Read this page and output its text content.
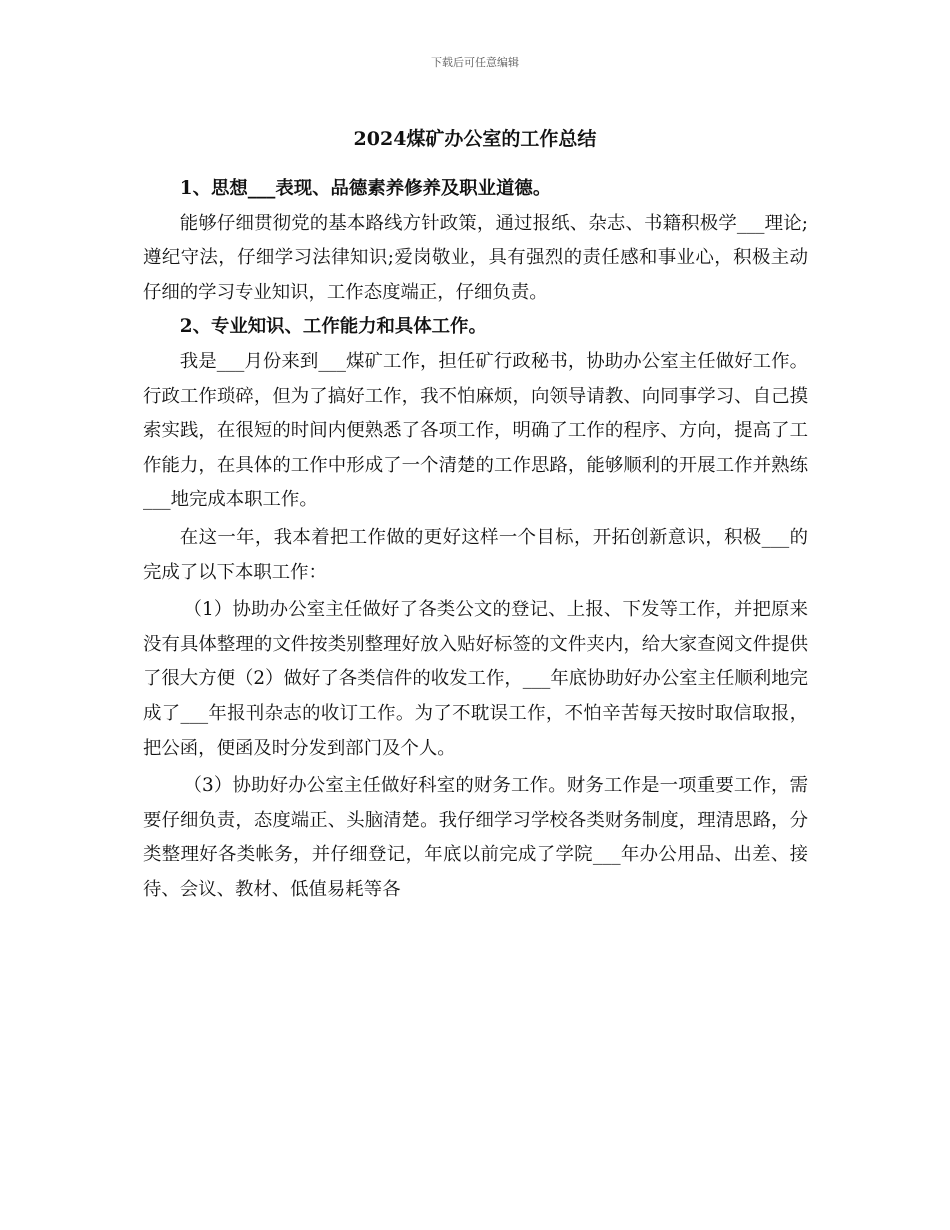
下载后可任意编辑
2024煤矿办公室的工作总结

1、思想___表现、品德素养修养及职业道德。

能够仔细贯彻党的基本路线方针政策，通过报纸、杂志、书籍积极学___理论;遵纪守法，仔细学习法律知识;爱岗敬业，具有强烈的责任感和事业心，积极主动仔细的学习专业知识，工作态度端正，仔细负责。

2、专业知识、工作能力和具体工作。

我是___月份来到___煤矿工作，担任矿行政秘书，协助办公室主任做好工作。行政工作琐碎，但为了搞好工作，我不怕麻烦，向领导请教、向同事学习、自己摸索实践，在很短的时间内便熟悉了各项工作，明确了工作的程序、方向，提高了工作能力，在具体的工作中形成了一个清楚的工作思路，能够顺利的开展工作并熟练___地完成本职工作。

在这一年，我本着把工作做的更好这样一个目标，开拓创新意识，积极___的完成了以下本职工作：

（1）协助办公室主任做好了各类公文的登记、上报、下发等工作，并把原来没有具体整理的文件按类别整理好放入贴好标签的文件夹内，给大家查阅文件提供了很大方便（2）做好了各类信件的收发工作，___年底协助好办公室主任顺利地完成了___年报刊杂志的收订工作。为了不耽误工作，不怕辛苦每天按时取信取报，把公函，便函及时分发到部门及个人。

（3）协助好办公室主任做好科室的财务工作。财务工作是一项重要工作，需要仔细负责，态度端正、头脑清楚。我仔细学习学校各类财务制度，理清思路，分类整理好各类帐务，并仔细登记，年底以前完成了学院___年办公用品、出差、接待、会议、教材、低值易耗等各
